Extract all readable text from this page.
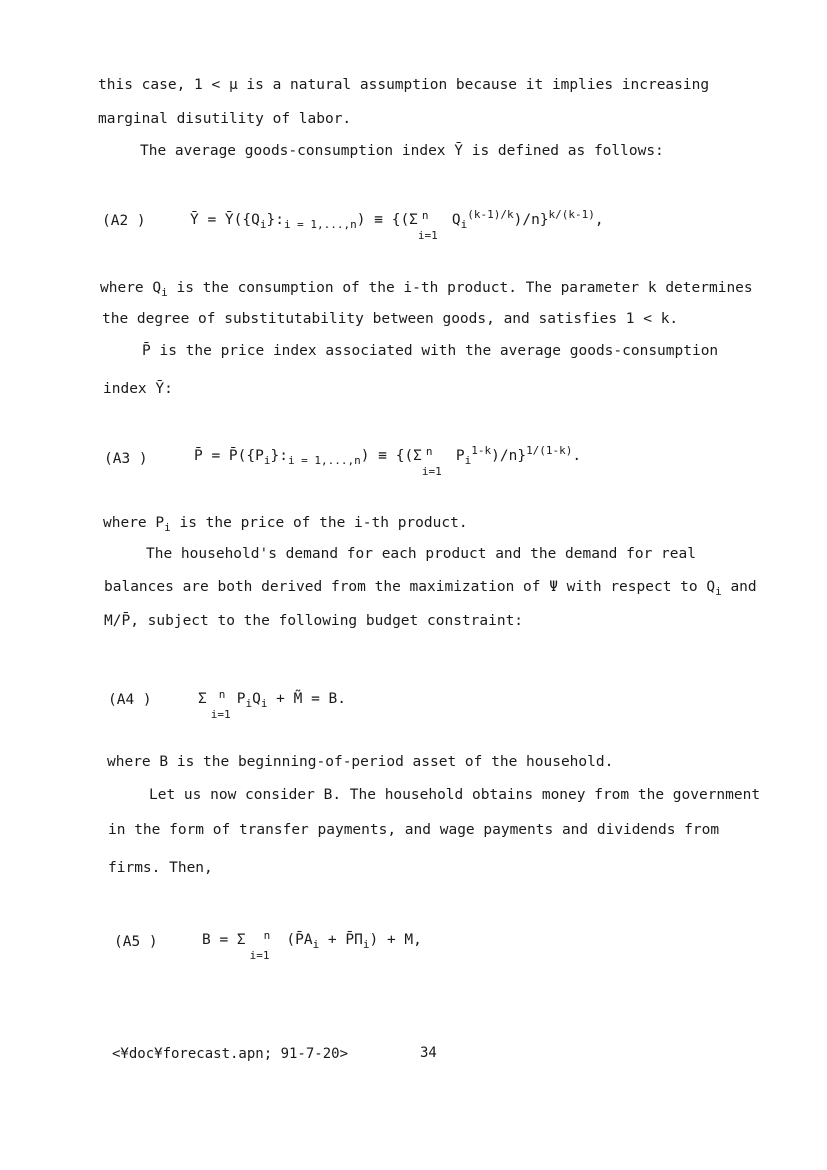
this case, 1 < μ is a natural assumption because it implies increasing
marginal disutility of labor.
The average goods-consumption index Ȳ is defined as follows:
(A2 )	Ȳ = $Ȳ(\{Q_i\}:_{i = 1,...,n}) \equiv \{(\Sigma$ n
i=1
$Q_i^{(k-1)/k})/n\}^{k/(k-1)}$,
where $Q_i$ is the consumption of the i-th product. The parameter k determines
the degree of substitutability between goods, and satisfies 1 < k.
P̄ is the price index associated with the average goods-consumption
index Ȳ:
(A3 )	P̄ = $P̄(\{P_i\}:_{i = 1,...,n}) \equiv \{(\Sigma$ n
i=1
$P_i^{1-k})/n\}^{1/(1-k)}$.
where $P_i$ is the price of the i-th product.
The household's demand for each product and the demand for real
balances are both derived from the maximization of Ψ with respect to $Q_i$ and
M/P̄, subject to the following budget constraint:
(A4 )	Σ n
i=1
$P_iQ_i$ + M̃ = B.
where B is the beginning-of-period asset of the household.
Let us now consider B. The household obtains money from the government
in the form of transfer payments, and wage payments and dividends from
firms. Then,
(A5 )	B = Σ n
i=1
($P̄A_i$ + $P̄\Pi_i) + M$,
<¥doc¥forecast.apn; 91-7-20>	34
